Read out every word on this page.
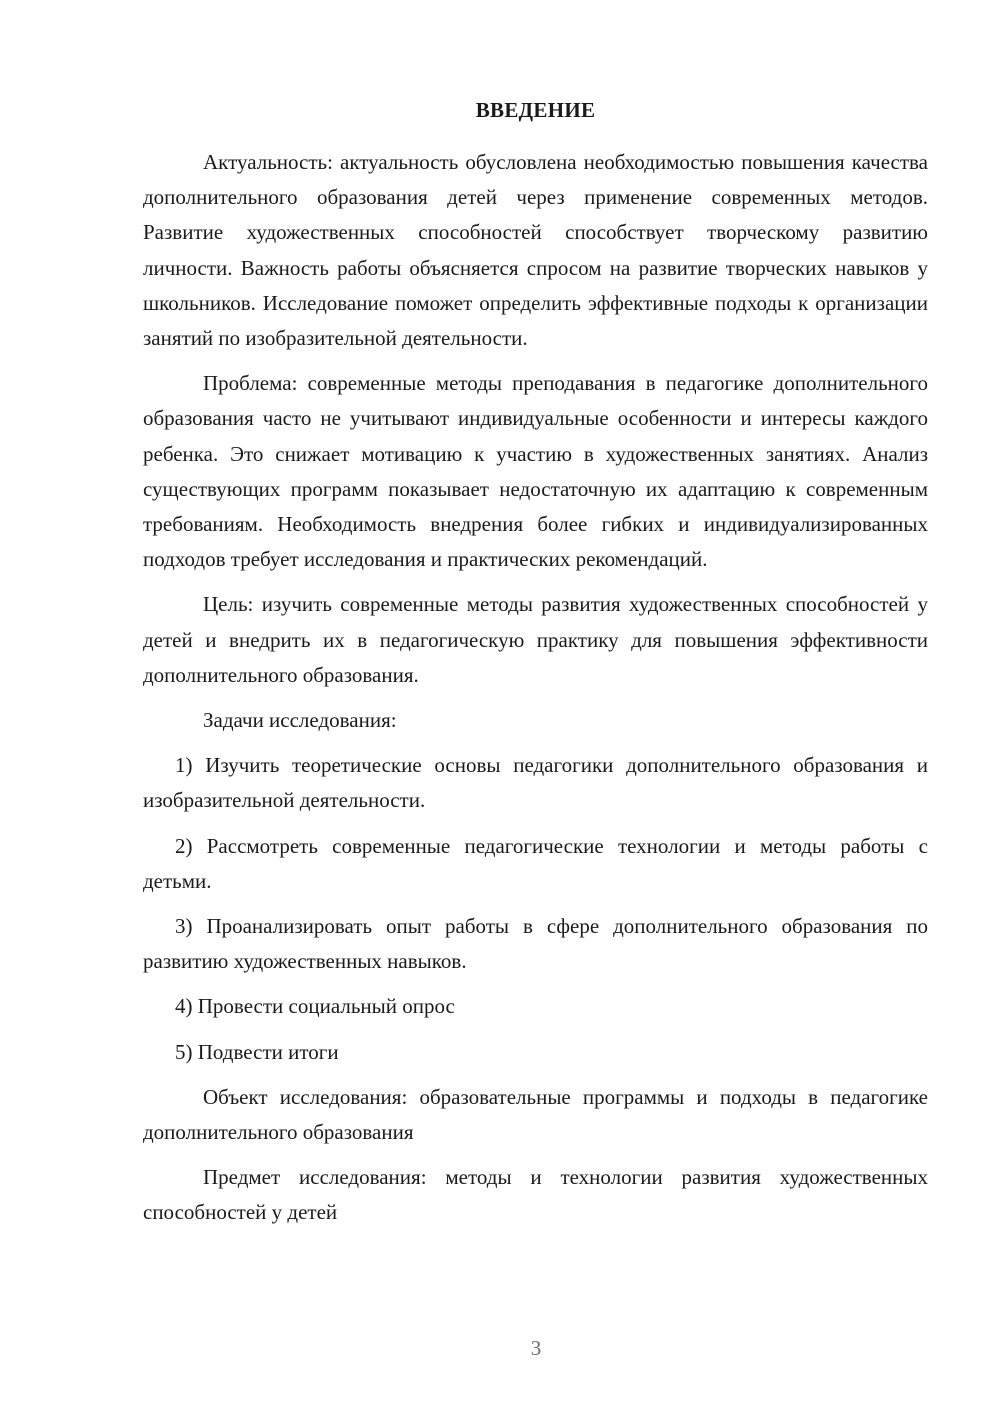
ВВЕДЕНИЕ

Актуальность: актуальность обусловлена необходимостью повышения качества дополнительного образования детей через применение современных методов. Развитие художественных способностей способствует творческому развитию личности. Важность работы объясняется спросом на развитие творческих навыков у школьников. Исследование поможет определить эффективные подходы к организации занятий по изобразительной деятельности.

Проблема: современные методы преподавания в педагогике дополнительного образования часто не учитывают индивидуальные особенности и интересы каждого ребенка. Это снижает мотивацию к участию в художественных занятиях. Анализ существующих программ показывает недостаточную их адаптацию к современным требованиям. Необходимость внедрения более гибких и индивидуализированных подходов требует исследования и практических рекомендаций.

Цель: изучить современные методы развития художественных способностей у детей и внедрить их в педагогическую практику для повышения эффективности дополнительного образования.

Задачи исследования:

1) Изучить теоретические основы педагогики дополнительного образования и изобразительной деятельности.

2) Рассмотреть современные педагогические технологии и методы работы с детьми.

3) Проанализировать опыт работы в сфере дополнительного образования по развитию художественных навыков.

4) Провести социальный опрос

5) Подвести итоги

Объект исследования: образовательные программы и подходы в педагогике дополнительного образования

Предмет исследования: методы и технологии развития художественных способностей у детей

3
